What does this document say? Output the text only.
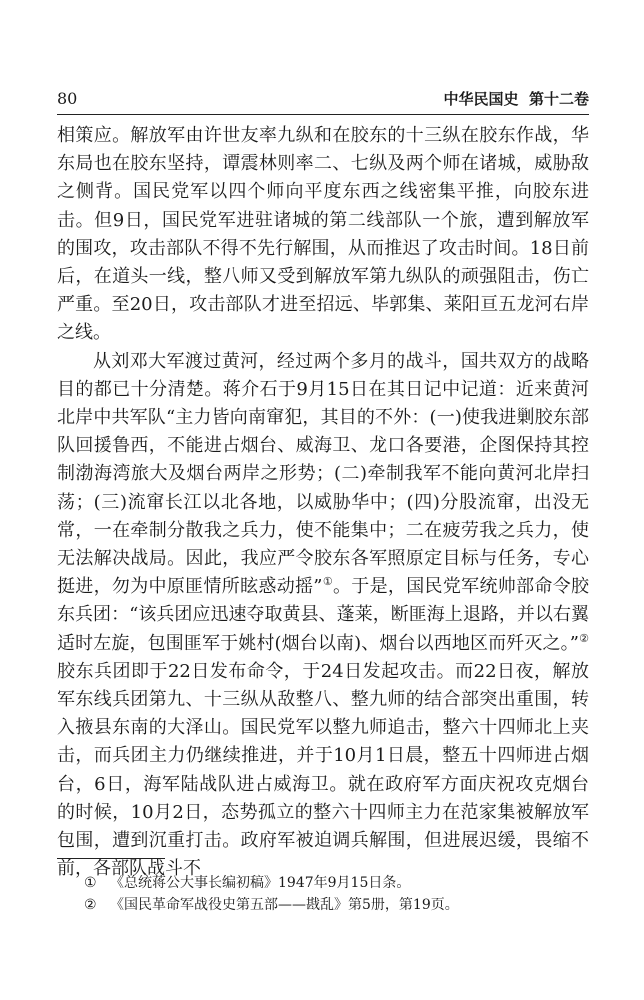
80	中华民国史  第十二卷

相策应。解放军由许世友率九纵和在胶东的十三纵在胶东作战，华东局也在胶东坚持，谭震林则率二、七纵及两个师在诸城，威胁敌之侧背。国民党军以四个师向平度东西之线密集平推，向胶东进击。但9日，国民党军进驻诸城的第二线部队一个旅，遭到解放军的围攻，攻击部队不得不先行解围，从而推迟了攻击时间。18日前后，在道头一线，整八师又受到解放军第九纵队的顽强阻击，伤亡严重。至20日，攻击部队才进至招远、毕郭集、莱阳亘五龙河右岸之线。

从刘邓大军渡过黄河，经过两个多月的战斗，国共双方的战略目的都已十分清楚。蒋介石于9月15日在其日记中记道：近来黄河北岸中共军队“主力皆向南窜犯，其目的不外：(一)使我进剿胶东部队回援鲁西，不能进占烟台、威海卫、龙口各要港，企图保持其控制渤海湾旅大及烟台两岸之形势；(二)牵制我军不能向黄河北岸扫荡；(三)流窜长江以北各地，以威胁华中；(四)分股流窜，出没无常，一在牵制分散我之兵力，使不能集中；二在疲劳我之兵力，使无法解决战局。因此，我应严令胶东各军照原定目标与任务，专心挺进，勿为中原匪情所眩惑动摇”①。于是，国民党军统帅部命令胶东兵团：“该兵团应迅速夺取黄县、蓬莱，断匪海上退路，并以右翼适时左旋，包围匪军于姚村(烟台以南)、烟台以西地区而歼灭之。”②胶东兵团即于22日发布命令，于24日发起攻击。而22日夜，解放军东线兵团第九、十三纵从敌整八、整九师的结合部突出重围，转入掖县东南的大泽山。国民党军以整九师追击，整六十四师北上夹击，而兵团主力仍继续推进，并于10月1日晨，整五十四师进占烟台，6日，海军陆战队进占威海卫。就在政府军方面庆祝攻克烟台的时候，10月2日，态势孤立的整六十四师主力在范家集被解放军包围，遭到沉重打击。政府军被迫调兵解围，但进展迟缓，畏缩不前，各部队战斗不

① 《总统蒋公大事长编初稿》1947年9月15日条。

② 《国民革命军战役史第五部——戡乱》第5册，第19页。
